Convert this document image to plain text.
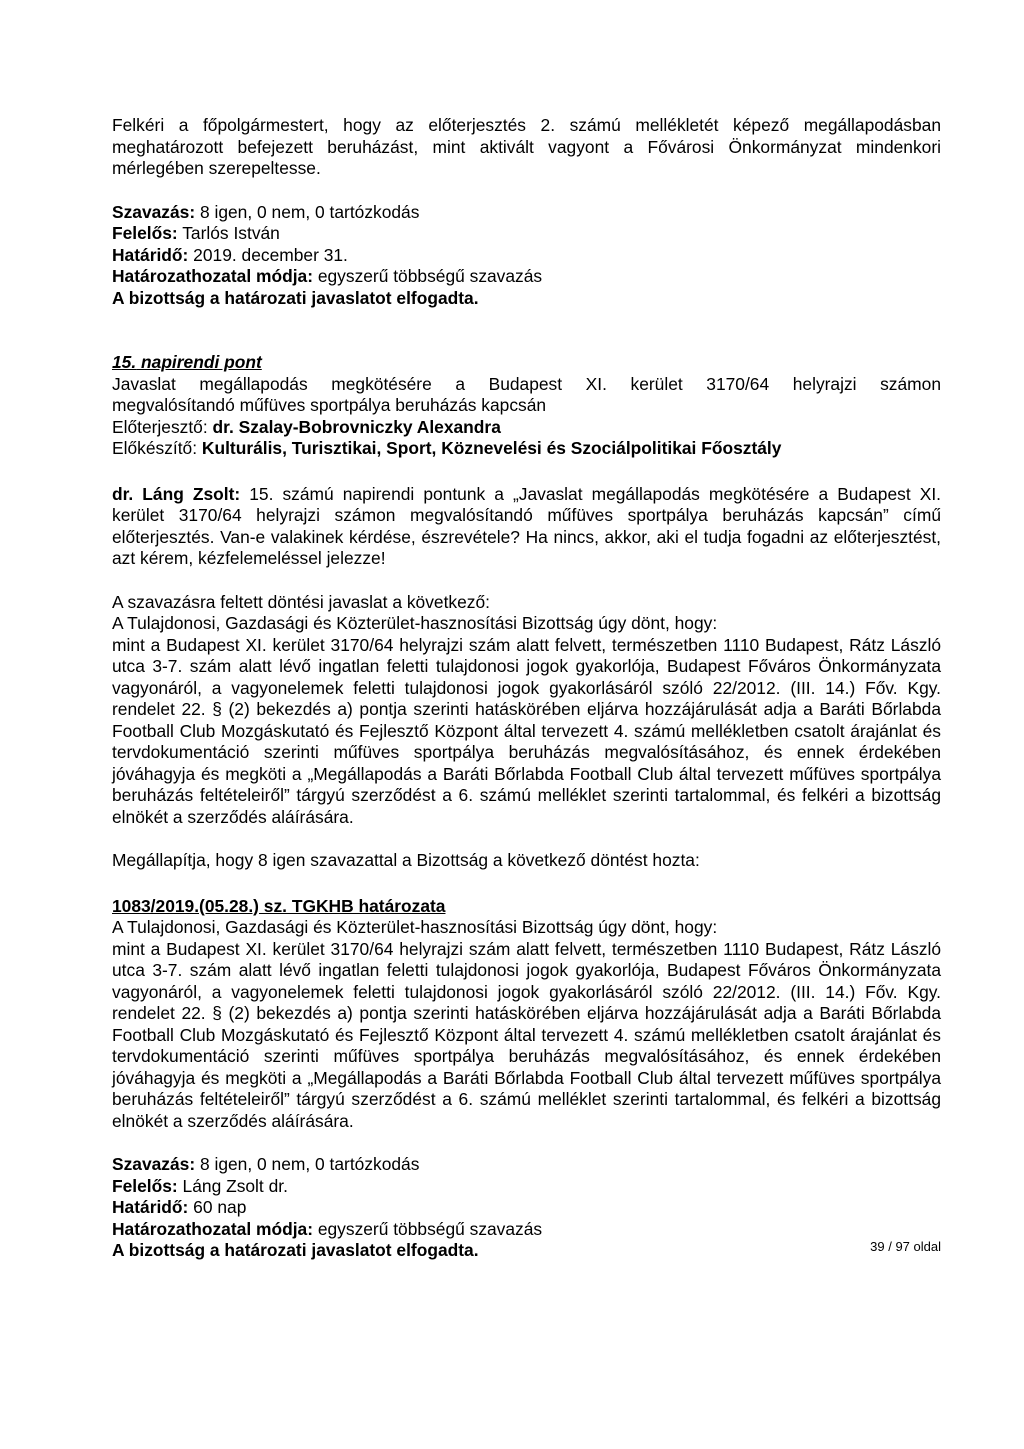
Felkéri a főpolgármestert, hogy az előterjesztés 2. számú mellékletét képező megállapodásban meghatározott befejezett beruházást, mint aktivált vagyont a Fővárosi Önkormányzat mindenkori mérlegében szerepeltesse.

Szavazás: 8 igen, 0 nem, 0 tartózkodás

Felelős: Tarlós István

Határidő: 2019. december 31.

Határozathozatal módja: egyszerű többségű szavazás

A bizottság a határozati javaslatot elfogadta.

15. napirendi pont

Javaslat megállapodás megkötésére a Budapest XI. kerület 3170/64 helyrajzi számon

megvalósítandó műfüves sportpálya beruházás kapcsán

Előterjesztő: dr. Szalay-Bobrovniczky Alexandra

Előkészítő: Kulturális, Turisztikai, Sport, Köznevelési és Szociálpolitikai Főosztály

dr. Láng Zsolt: 15. számú napirendi pontunk a „Javaslat megállapodás megkötésére a Budapest XI. kerület 3170/64 helyrajzi számon megvalósítandó műfüves sportpálya beruházás kapcsán” című előterjesztés. Van-e valakinek kérdése, észrevétele? Ha nincs, akkor, aki el tudja fogadni az előterjesztést, azt kérem, kézfelemeléssel jelezze!

A szavazásra feltett döntési javaslat a következő:

A Tulajdonosi, Gazdasági és Közterület-hasznosítási Bizottság úgy dönt, hogy:

mint a Budapest XI. kerület 3170/64 helyrajzi szám alatt felvett, természetben 1110 Budapest, Rátz László utca 3-7. szám alatt lévő ingatlan feletti tulajdonosi jogok gyakorlója, Budapest Főváros Önkormányzata vagyonáról, a vagyonelemek feletti tulajdonosi jogok gyakorlásáról szóló 22/2012. (III. 14.) Főv. Kgy. rendelet 22. § (2) bekezdés a) pontja szerinti hatáskörében eljárva hozzájárulását adja a Baráti Bőrlabda Football Club Mozgáskutató és Fejlesztő Központ által tervezett 4. számú mellékletben csatolt árajánlat és tervdokumentáció szerinti műfüves sportpálya beruházás megvalósításához, és ennek érdekében jóváhagyja és megköti a „Megállapodás a Baráti Bőrlabda Football Club által tervezett műfüves sportpálya beruházás feltételeiről” tárgyú szerződést a 6. számú melléklet szerinti tartalommal, és felkéri a bizottság elnökét a szerződés aláírására.

Megállapítja, hogy 8 igen szavazattal a Bizottság a következő döntést hozta:

1083/2019.(05.28.) sz. TGKHB határozata

A Tulajdonosi, Gazdasági és Közterület-hasznosítási Bizottság úgy dönt, hogy:

mint a Budapest XI. kerület 3170/64 helyrajzi szám alatt felvett, természetben 1110 Budapest, Rátz László utca 3-7. szám alatt lévő ingatlan feletti tulajdonosi jogok gyakorlója, Budapest Főváros Önkormányzata vagyonáról, a vagyonelemek feletti tulajdonosi jogok gyakorlásáról szóló 22/2012. (III. 14.) Főv. Kgy. rendelet 22. § (2) bekezdés a) pontja szerinti hatáskörében eljárva hozzájárulását adja a Baráti Bőrlabda Football Club Mozgáskutató és Fejlesztő Központ által tervezett 4. számú mellékletben csatolt árajánlat és tervdokumentáció szerinti műfüves sportpálya beruházás megvalósításához, és ennek érdekében jóváhagyja és megköti a „Megállapodás a Baráti Bőrlabda Football Club által tervezett műfüves sportpálya beruházás feltételeiről” tárgyú szerződést a 6. számú melléklet szerinti tartalommal, és felkéri a bizottság elnökét a szerződés aláírására.

Szavazás: 8 igen, 0 nem, 0 tartózkodás

Felelős: Láng Zsolt dr.

Határidő: 60 nap

Határozathozatal módja: egyszerű többségű szavazás

A bizottság a határozati javaslatot elfogadta.	39 / 97 oldal
